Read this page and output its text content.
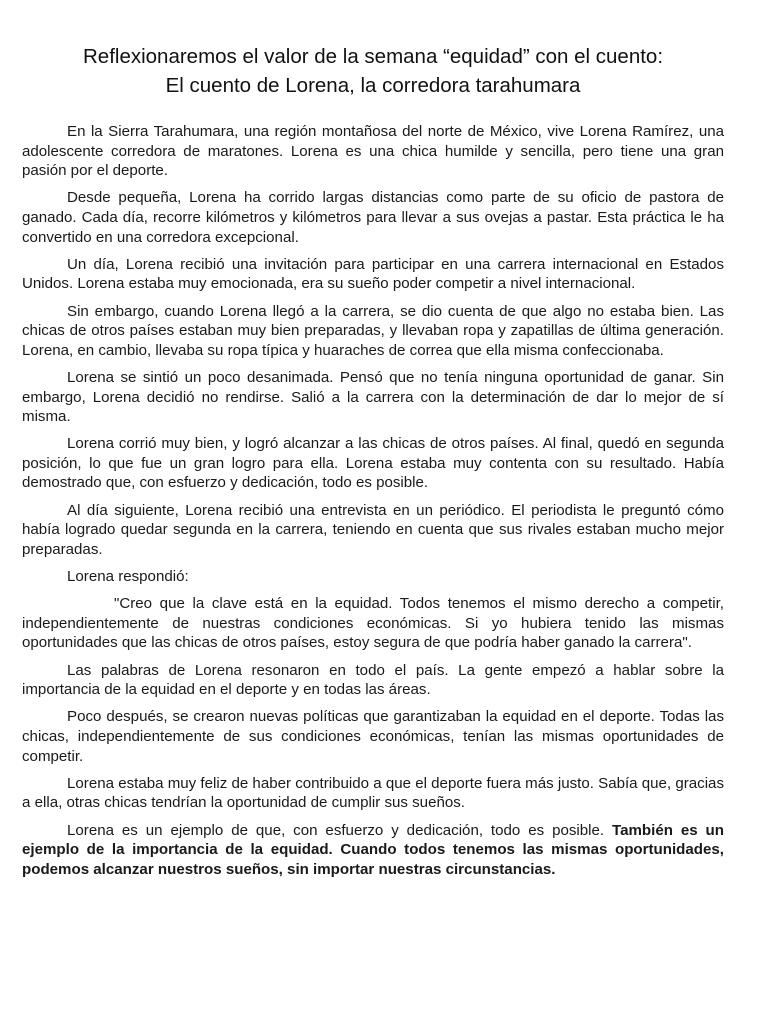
Reflexionaremos el valor de la semana “equidad” con el cuento:
El cuento de Lorena, la corredora tarahumara

En la Sierra Tarahumara, una región montañosa del norte de México, vive Lorena Ramírez, una adolescente corredora de maratones. Lorena es una chica humilde y sencilla, pero tiene una gran pasión por el deporte.

Desde pequeña, Lorena ha corrido largas distancias como parte de su oficio de pastora de ganado. Cada día, recorre kilómetros y kilómetros para llevar a sus ovejas a pastar. Esta práctica le ha convertido en una corredora excepcional.

Un día, Lorena recibió una invitación para participar en una carrera internacional en Estados Unidos. Lorena estaba muy emocionada, era su sueño poder competir a nivel internacional.

Sin embargo, cuando Lorena llegó a la carrera, se dio cuenta de que algo no estaba bien. Las chicas de otros países estaban muy bien preparadas, y llevaban ropa y zapatillas de última generación. Lorena, en cambio, llevaba su ropa típica y huaraches de correa que ella misma confeccionaba.

Lorena se sintió un poco desanimada. Pensó que no tenía ninguna oportunidad de ganar. Sin embargo, Lorena decidió no rendirse. Salió a la carrera con la determinación de dar lo mejor de sí misma.

Lorena corrió muy bien, y logró alcanzar a las chicas de otros países. Al final, quedó en segunda posición, lo que fue un gran logro para ella. Lorena estaba muy contenta con su resultado. Había demostrado que, con esfuerzo y dedicación, todo es posible.

Al día siguiente, Lorena recibió una entrevista en un periódico. El periodista le preguntó cómo había logrado quedar segunda en la carrera, teniendo en cuenta que sus rivales estaban mucho mejor preparadas.

Lorena respondió:

"Creo que la clave está en la equidad. Todos tenemos el mismo derecho a competir, independientemente de nuestras condiciones económicas. Si yo hubiera tenido las mismas oportunidades que las chicas de otros países, estoy segura de que podría haber ganado la carrera".

Las palabras de Lorena resonaron en todo el país. La gente empezó a hablar sobre la importancia de la equidad en el deporte y en todas las áreas.

Poco después, se crearon nuevas políticas que garantizaban la equidad en el deporte. Todas las chicas, independientemente de sus condiciones económicas, tenían las mismas oportunidades de competir.

Lorena estaba muy feliz de haber contribuido a que el deporte fuera más justo. Sabía que, gracias a ella, otras chicas tendrían la oportunidad de cumplir sus sueños.

Lorena es un ejemplo de que, con esfuerzo y dedicación, todo es posible. También es un ejemplo de la importancia de la equidad. Cuando todos tenemos las mismas oportunidades, podemos alcanzar nuestros sueños, sin importar nuestras circunstancias.
